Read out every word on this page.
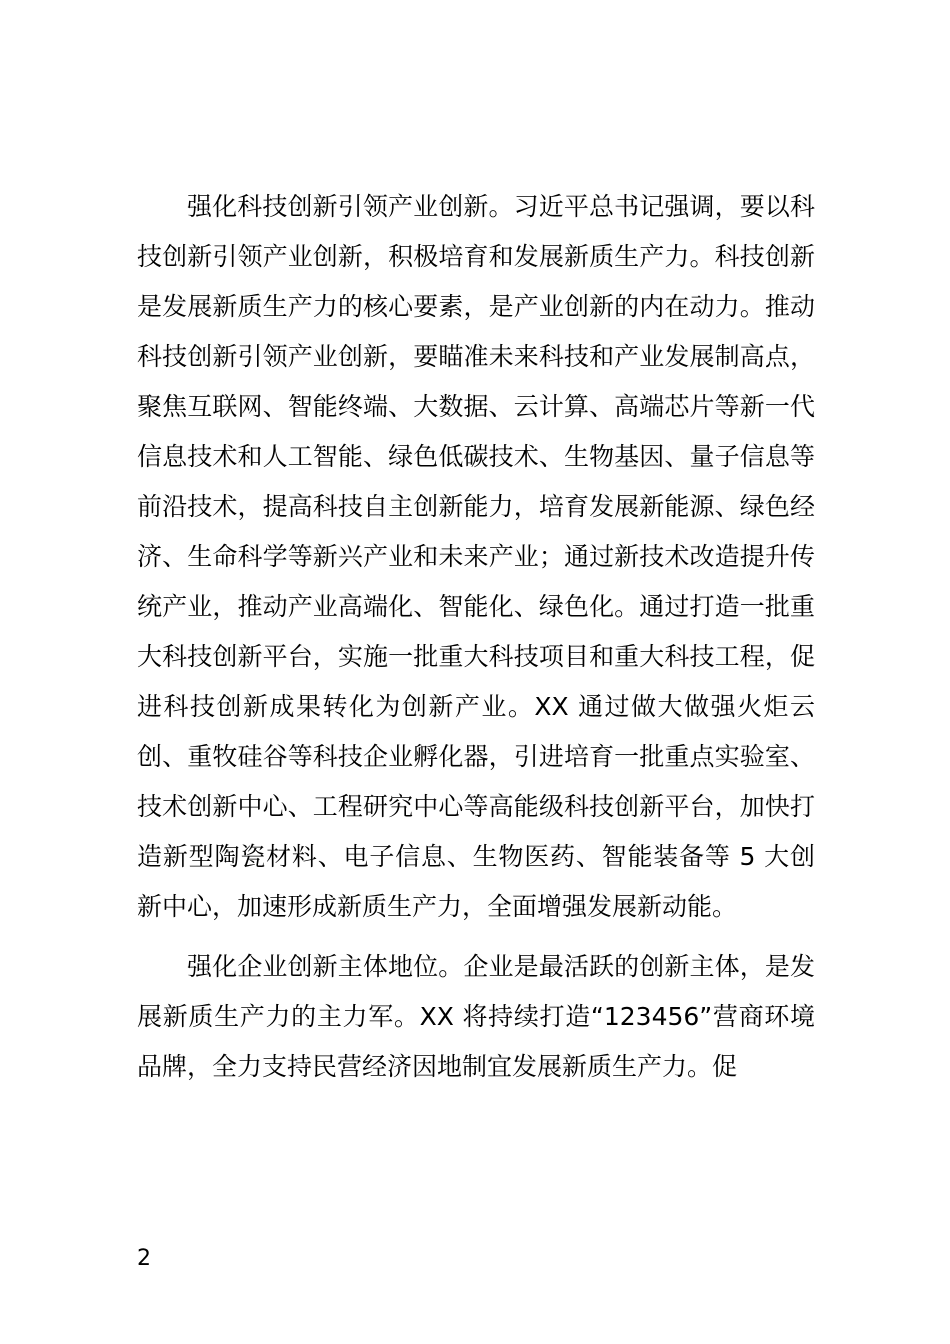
强化科技创新引领产业创新。习近平总书记强调，要以科技创新引领产业创新，积极培育和发展新质生产力。科技创新是发展新质生产力的核心要素，是产业创新的内在动力。推动科技创新引领产业创新，要瞄准未来科技和产业发展制高点，聚焦互联网、智能终端、大数据、云计算、高端芯片等新一代信息技术和人工智能、绿色低碳技术、生物基因、量子信息等前沿技术，提高科技自主创新能力，培育发展新能源、绿色经济、生命科学等新兴产业和未来产业；通过新技术改造提升传统产业，推动产业高端化、智能化、绿色化。通过打造一批重大科技创新平台，实施一批重大科技项目和重大科技工程，促进科技创新成果转化为创新产业。XX 通过做大做强火炬云创、重牧硅谷等科技企业孵化器，引进培育一批重点实验室、技术创新中心、工程研究中心等高能级科技创新平台，加快打造新型陶瓷材料、电子信息、生物医药、智能装备等 5 大创新中心，加速形成新质生产力，全面增强发展新动能。

强化企业创新主体地位。企业是最活跃的创新主体，是发展新质生产力的主力军。XX 将持续打造“123456”营商环境品牌，全力支持民营经济因地制宜发展新质生产力。促

2
